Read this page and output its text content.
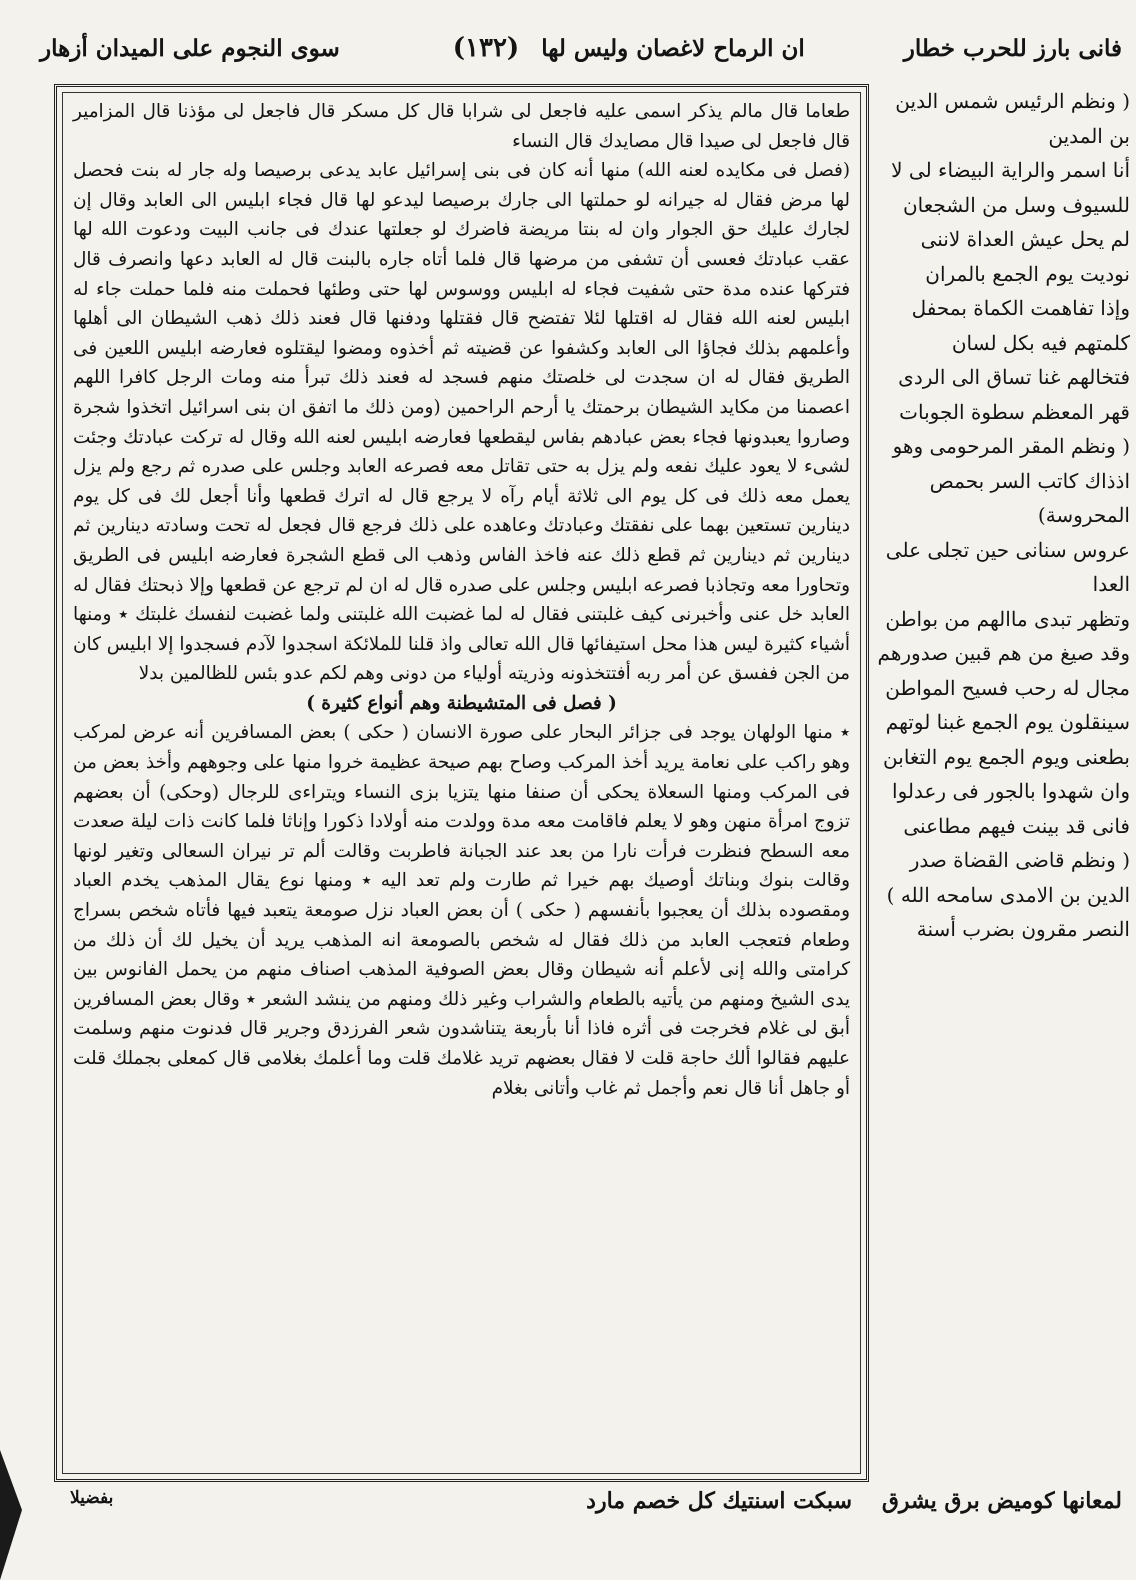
فانى بارز للحرب خطار
ان الرماح لاغصان وليس لها (١٣٢)
سوى النجوم على الميدان أزهار

طعاما قال مالم يذكر اسمى عليه فاجعل لى شرابا قال كل مسكر قال فاجعل لى مؤذنا قال المزامير قال فاجعل لى صيدا قال مصايدك قال النساء

(فصل فى مكايده لعنه الله) منها أنه كان فى بنى إسرائيل عابد يدعى برصيصا وله جار له بنت فحصل لها مرض فقال له جيرانه لو حملتها الى جارك برصيصا ليدعو لها قال فجاء ابليس الى العابد وقال إن لجارك عليك حق الجوار وان له بنتا مريضة فاضرك لو جعلتها عندك فى جانب البيت ودعوت الله لها عقب عبادتك فعسى أن تشفى من مرضها قال فلما أتاه جاره بالبنت قال له العابد دعها وانصرف قال فتركها عنده مدة حتى شفيت فجاء له ابليس ووسوس لها حتى وطئها فحملت منه فلما حملت جاء له ابليس لعنه الله فقال له اقتلها لئلا تفتضح قال فقتلها ودفنها قال فعند ذلك ذهب الشيطان الى أهلها وأعلمهم بذلك فجاؤا الى العابد وكشفوا عن قضيته ثم أخذوه ومضوا ليقتلوه فعارضه ابليس اللعين فى الطريق فقال له ان سجدت لى خلصتك منهم فسجد له فعند ذلك تبرأ منه ومات الرجل كافرا اللهم اعصمنا من مكايد الشيطان برحمتك يا أرحم الراحمين (ومن ذلك ما اتفق ان بنى اسرائيل اتخذوا شجرة وصاروا يعبدونها فجاء بعض عبادهم بفاس ليقطعها فعارضه ابليس لعنه الله وقال له تركت عبادتك وجئت لشىء لا يعود عليك نفعه ولم يزل به حتى تقاتل معه فصرعه العابد وجلس على صدره ثم رجع ولم يزل يعمل معه ذلك فى كل يوم الى ثلاثة أيام رآه لا يرجع قال له اترك قطعها وأنا أجعل لك فى كل يوم دينارين تستعين بهما على نفقتك وعبادتك وعاهده على ذلك فرجع قال فجعل له تحت وسادته دينارين ثم دينارين ثم دينارين ثم قطع ذلك عنه فاخذ الفاس وذهب الى قطع الشجرة فعارضه ابليس فى الطريق وتحاورا معه وتجاذبا فصرعه ابليس وجلس على صدره قال له ان لم ترجع عن قطعها وإلا ذبحتك فقال له العابد خل عنى وأخبرنى كيف غلبتنى فقال له لما غضبت الله غلبتنى ولما غضبت لنفسك غلبتك ٭ ومنها أشياء كثيرة ليس هذا محل استيفائها قال الله تعالى واذ قلنا للملائكة اسجدوا لآدم فسجدوا إلا ابليس كان من الجن ففسق عن أمر ربه أفتتخذونه وذريته أولياء من دونى وهم لكم عدو بئس للظالمين بدلا

( فصل فى المتشيطنة وهم أنواع كثيرة )

٭ منها الولهان يوجد فى جزائر البحار على صورة الانسان ( حكى ) بعض المسافرين أنه عرض لمركب وهو راكب على نعامة يريد أخذ المركب وصاح بهم صيحة عظيمة خروا منها على وجوههم وأخذ بعض من فى المركب ومنها السعلاة يحكى أن صنفا منها يتزيا بزى النساء ويتراءى للرجال (وحكى) أن بعضهم تزوج امرأة منهن وهو لا يعلم فاقامت معه مدة وولدت منه أولادا ذكورا وإناثا فلما كانت ذات ليلة صعدت معه السطح فنظرت فرأت نارا من بعد عند الجبانة فاطربت وقالت ألم تر نيران السعالى وتغير لونها وقالت بنوك وبناتك أوصيك بهم خيرا ثم طارت ولم تعد اليه ٭ ومنها نوع يقال المذهب يخدم العباد ومقصوده بذلك أن يعجبوا بأنفسهم ( حكى ) أن بعض العباد نزل صومعة يتعبد فيها فأتاه شخص بسراج وطعام فتعجب العابد من ذلك فقال له شخص بالصومعة انه المذهب يريد أن يخيل لك أن ذلك من كرامتى والله إنى لأعلم أنه شيطان وقال بعض الصوفية المذهب اصناف منهم من يحمل الفانوس بين يدى الشيخ ومنهم من يأتيه بالطعام والشراب وغير ذلك ومنهم من ينشد الشعر ٭ وقال بعض المسافرين أبق لى غلام فخرجت فى أثره فاذا أنا بأربعة يتناشدون شعر الفرزدق وجرير قال فدنوت منهم وسلمت عليهم فقالوا ألك حاجة قلت لا فقال بعضهم تريد غلامك قلت وما أعلمك بغلامى قال كمعلى بجملك قلت أو جاهل أنا قال نعم وأجمل ثم غاب وأتانى بغلام

( ونظم الرئيس شمس الدين بن المدين

أنا اسمر والراية البيضاء لى لا للسيوف وسل من الشجعان

لم يحل عيش العداة لاننى نوديت يوم الجمع بالمران

وإذا تفاهمت الكماة بمحفل كلمتهم فيه بكل لسان

فتخالهم غنا تساق الى الردى

قهر المعظم سطوة الجوبات

( ونظم المقر المرحومى وهو اذذاك كاتب السر بحمص المحروسة)

عروس سنانى حين تجلى على العدا

وتظهر تبدى ماالهم من بواطن

وقد صيغ من هم قبين صدورهم

مجال له رحب فسيح المواطن

سينقلون يوم الجمع غبنا لوتهم

بطعنى ويوم الجمع يوم التغابن

وان شهدوا بالجور فى رعدلوا

فانى قد بينت فيهم مطاعنى

( ونظم قاضى القضاة صدر الدين بن الامدى سامحه الله )

النصر مقرون بضرب أسنة

لمعانها كوميض برق يشرق
سبكت اسنتيك كل خصم مارد
بفضيلا
